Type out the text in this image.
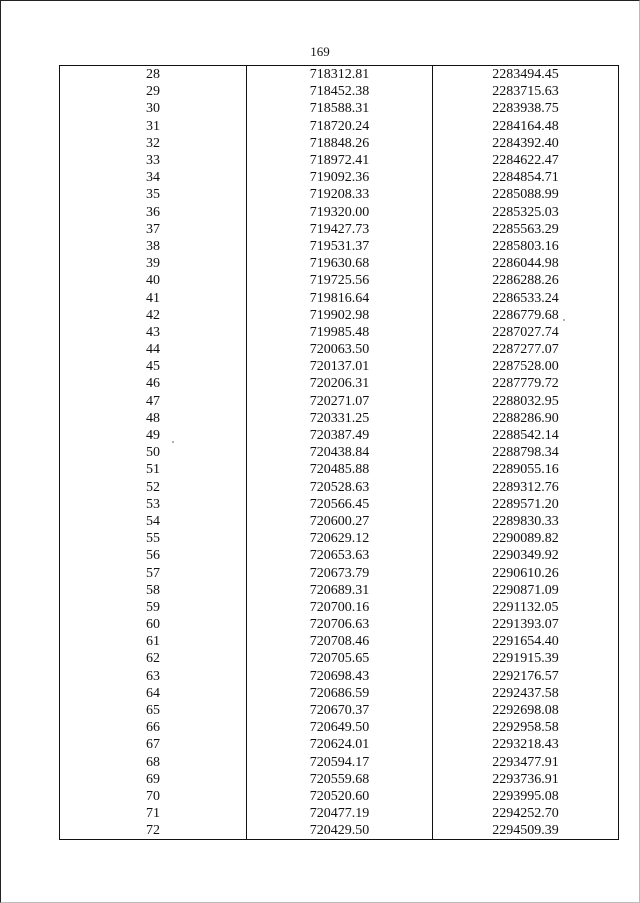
169
28	718312.81	2283494.45
29	718452.38	2283715.63
30	718588.31	2283938.75
31	718720.24	2284164.48
32	718848.26	2284392.40
33	718972.41	2284622.47
34	719092.36	2284854.71
35	719208.33	2285088.99
36	719320.00	2285325.03
37	719427.73	2285563.29
38	719531.37	2285803.16
39	719630.68	2286044.98
40	719725.56	2286288.26
41	719816.64	2286533.24
42	719902.98	2286779.68
43	719985.48	2287027.74
44	720063.50	2287277.07
45	720137.01	2287528.00
46	720206.31	2287779.72
47	720271.07	2288032.95
48	720331.25	2288286.90
49	720387.49	2288542.14
50	720438.84	2288798.34
51	720485.88	2289055.16
52	720528.63	2289312.76
53	720566.45	2289571.20
54	720600.27	2289830.33
55	720629.12	2290089.82
56	720653.63	2290349.92
57	720673.79	2290610.26
58	720689.31	2290871.09
59	720700.16	2291132.05
60	720706.63	2291393.07
61	720708.46	2291654.40
62	720705.65	2291915.39
63	720698.43	2292176.57
64	720686.59	2292437.58
65	720670.37	2292698.08
66	720649.50	2292958.58
67	720624.01	2293218.43
68	720594.17	2293477.91
69	720559.68	2293736.91
70	720520.60	2293995.08
71	720477.19	2294252.70
72	720429.50	2294509.39
